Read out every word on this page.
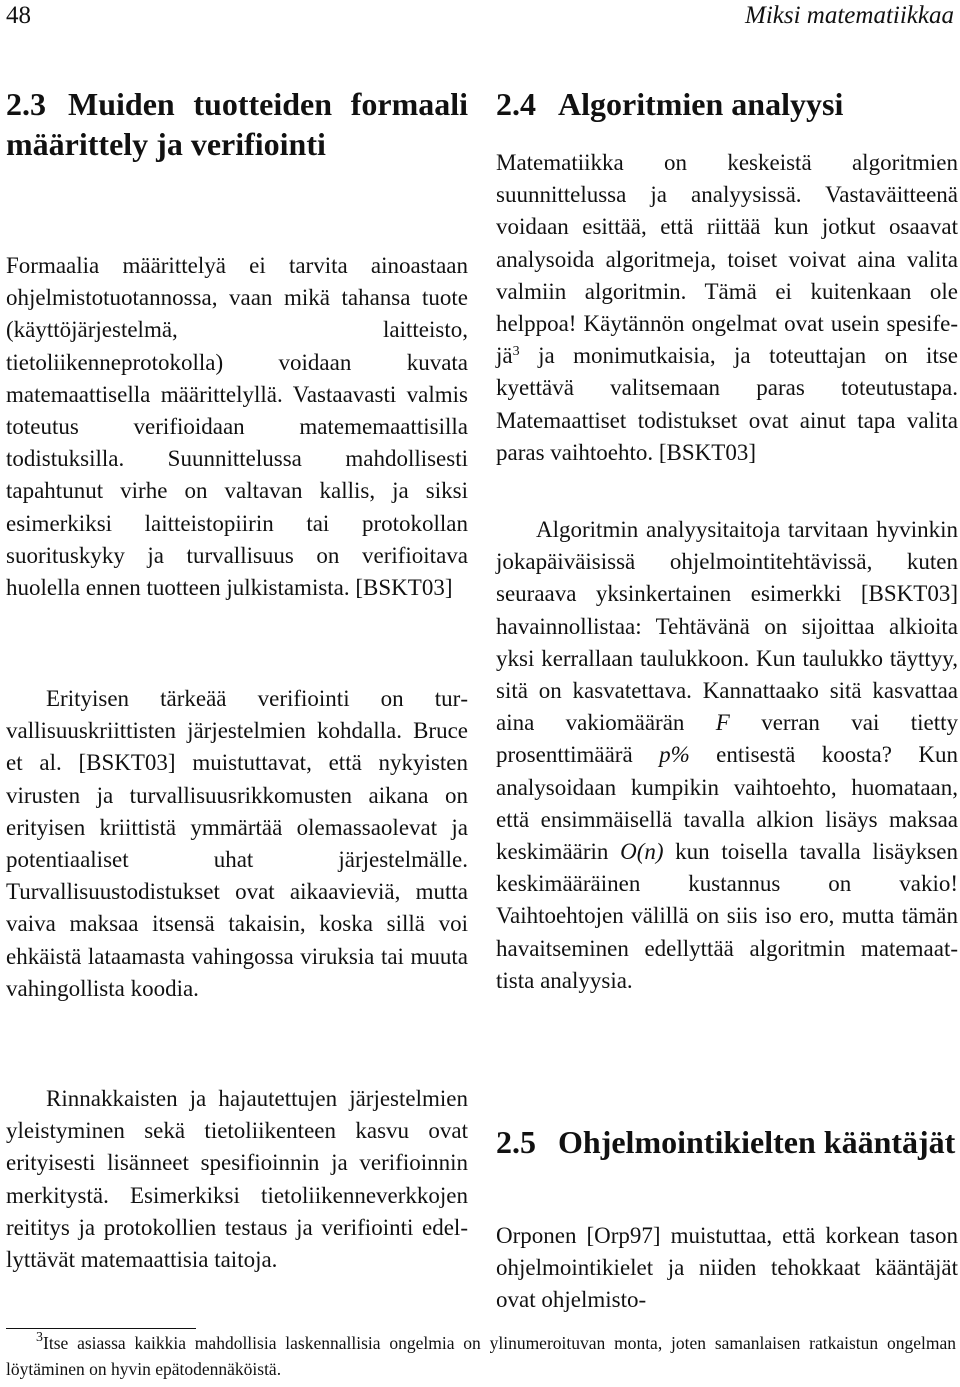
48	Miksi matematiikkaa
2.3 Muiden tuotteiden formaali määrittely ja verifiointi

Formaalia määrittelyä ei tarvita ainoastaan ohjelmistotuotannossa, vaan mikä tahansa tuote (käyttöjärjestelmä, laitteisto, tietoliikenneprotokolla) voidaan kuvata matemaattisella määrittelyllä. Vastaavasti valmis toteutus verifioidaan matememaattisilla todistuksilla. Suunnittelussa mahdollisesti tapahtunut virhe on valtavan kallis, ja siksi esimerkiksi laitteistopiirin tai protokollan suorituskyky ja turvallisuus on verifioitava huolella ennen tuotteen julkistamista. [BSKT03]

Erityisen tärkeää verifiointi on turvallisuuskriittisten järjestelmien kohdalla. Bruce et al. [BSKT03] muistuttavat, että nykyisten virusten ja turvallisuusrikkomusten aikana on erityisen kriittistä ymmärtää olemassaolevat ja potentiaaliset uhat järjestelmälle. Turvallisuustodistukset ovat aikaavieviä, mutta vaiva maksaa itsensä takaisin, koska sillä voi ehkäistä lataamasta vahingossa viruksia tai muuta vahingollista koodia.

Rinnakkaisten ja hajautettujen järjestelmien yleistyminen sekä tietoliikenteen kasvu ovat erityisesti lisänneet spesifioinnin ja verifioinnin merkitystä. Esimerkiksi tietoliikenneverkkojen reititys ja protokollien testaus ja verifiointi edellyttävät matemaattisia taitoja.

2.4 Algoritmien analyysi

Matematiikka on keskeistä algoritmien suunnittelussa ja analyysissä. Vastaväitteenä voidaan esittää, että riittää kun jotkut osaavat analysoida algoritmeja, toiset voivat aina valita valmiin algoritmin. Tämä ei kuitenkaan ole helppoa! Käytännön ongelmat ovat usein spesifejä$^3$ ja monimutkaisia, ja toteuttajan on itse kyettävä valitsemaan paras toteutustapa. Matemaattiset todistukset ovat ainut tapa valita paras vaihtoehto. [BSKT03]

Algoritmin analyysitaitoja tarvitaan hyvinkin jokapäiväisissä ohjelmointitehtävissä, kuten seuraava yksinkertainen esimerkki [BSKT03] havainnollistaa: Tehtävänä on sijoittaa alkioita yksi kerrallaan taulukkoon. Kun taulukko täyttyy, sitä on kasvatettava. Kannattaako sitä kasvattaa aina vakiomäärän F verran vai tietty prosenttimäärä p% entisestä koosta? Kun analysoidaan kumpikin vaihtoehto, huomataan, että ensimmäisellä tavalla alkion lisäys maksaa keskimäärin O(n) kun toisella tavalla lisäyksen keskimääräinen kustannus on vakio! Vaihtoehtojen välillä on siis iso ero, mutta tämän havaitseminen edellyttää algoritmin matemaattista analyysia.

2.5 Ohjelmointikielten kääntäjät

Orponen [Orp97] muistuttaa, että korkean tason ohjelmointikielet ja niiden tehokkaat kääntäjät ovat ohjelmisto-

$^3$Itse asiassa kaikkia mahdollisia laskennallisia ongelmia on ylinumeroituvan monta, joten samanlaisen ratkaistun ongelman löytäminen on hyvin epätodennäköistä.
